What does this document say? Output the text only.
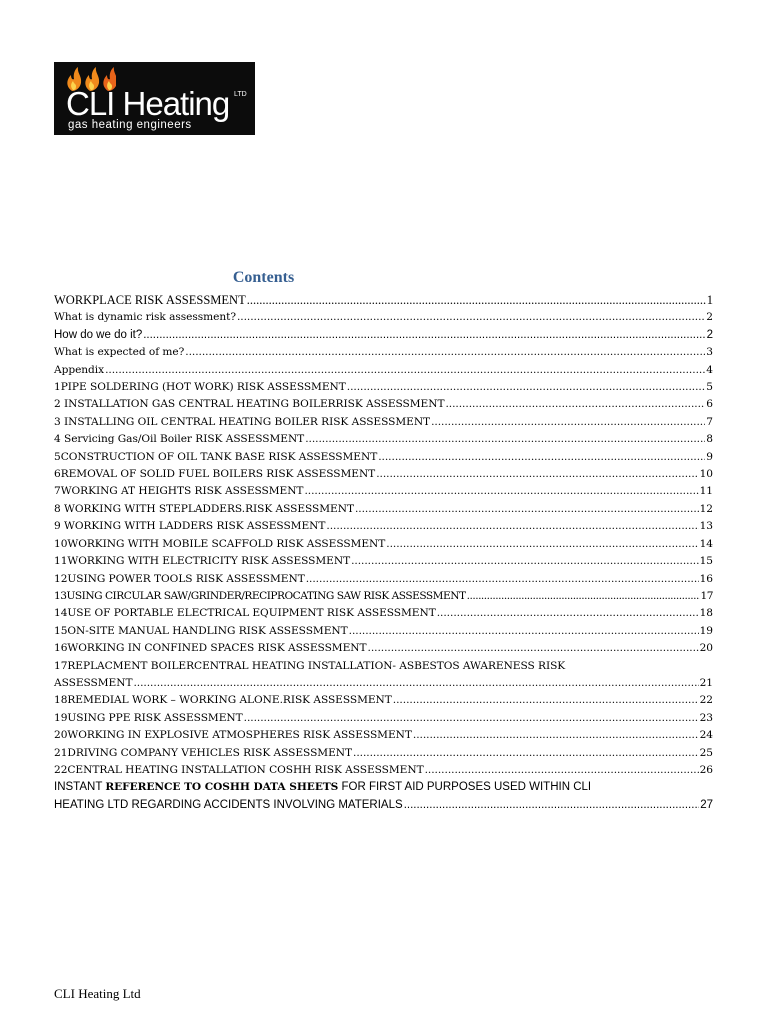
CLI Heating LTD
gas heating engineers
Contents
WORKPLACE RISK ASSESSMENT .....	1
What is dynamic risk assessment? .....	2
How do we do it? .....	2
What is expected of me? .....	3
Appendix .....	4
1PIPE SOLDERING (HOT WORK) RISK ASSESSMENT .....	5
2 INSTALLATION GAS CENTRAL HEATING BOILERRISK ASSESSMENT .....	6
3 INSTALLING OIL CENTRAL HEATING BOILER RISK ASSESSMENT .....	7
4 Servicing Gas/Oil Boiler RISK ASSESSMENT .....	8
5CONSTRUCTION OF OIL TANK BASE RISK ASSESSMENT .....	9
6REMOVAL OF SOLID FUEL BOILERS RISK ASSESSMENT .....	10
7WORKING AT HEIGHTS RISK ASSESSMENT .....	11
8 WORKING WITH STEPLADDERS.RISK ASSESSMENT .....	12
9 WORKING WITH LADDERS RISK ASSESSMENT .....	13
10WORKING WITH MOBILE SCAFFOLD RISK ASSESSMENT .....	14
11WORKING WITH ELECTRICITY RISK ASSESSMENT .....	15
12USING POWER TOOLS RISK ASSESSMENT .....	16
13USING CIRCULAR SAW/GRINDER/RECIPROCATING SAW RISK ASSESSMENT .....	17
14USE OF PORTABLE ELECTRICAL EQUIPMENT RISK ASSESSMENT .....	18
15ON-SITE MANUAL HANDLING RISK ASSESSMENT .....	19
16WORKING IN CONFINED SPACES RISK ASSESSMENT .....	20
17REPLACMENT BOILERCENTRAL HEATING INSTALLATION- ASBESTOS AWARENESS RISK
ASSESSMENT .....	21
18REMEDIAL WORK – WORKING ALONE.RISK ASSESSMENT .....	22
19USING PPE RISK ASSESSMENT .....	23
20WORKING IN EXPLOSIVE ATMOSPHERES RISK ASSESSMENT .....	24
21DRIVING COMPANY VEHICLES RISK ASSESSMENT .....	25
22CENTRAL HEATING INSTALLATION COSHH RISK ASSESSMENT .....	26
INSTANT REFERENCE TO COSHH DATA SHEETS FOR FIRST AID PURPOSES USED WITHIN CLI
HEATING LTD REGARDING ACCIDENTS INVOLVING MATERIALS .....	27
CLI Heating Ltd
